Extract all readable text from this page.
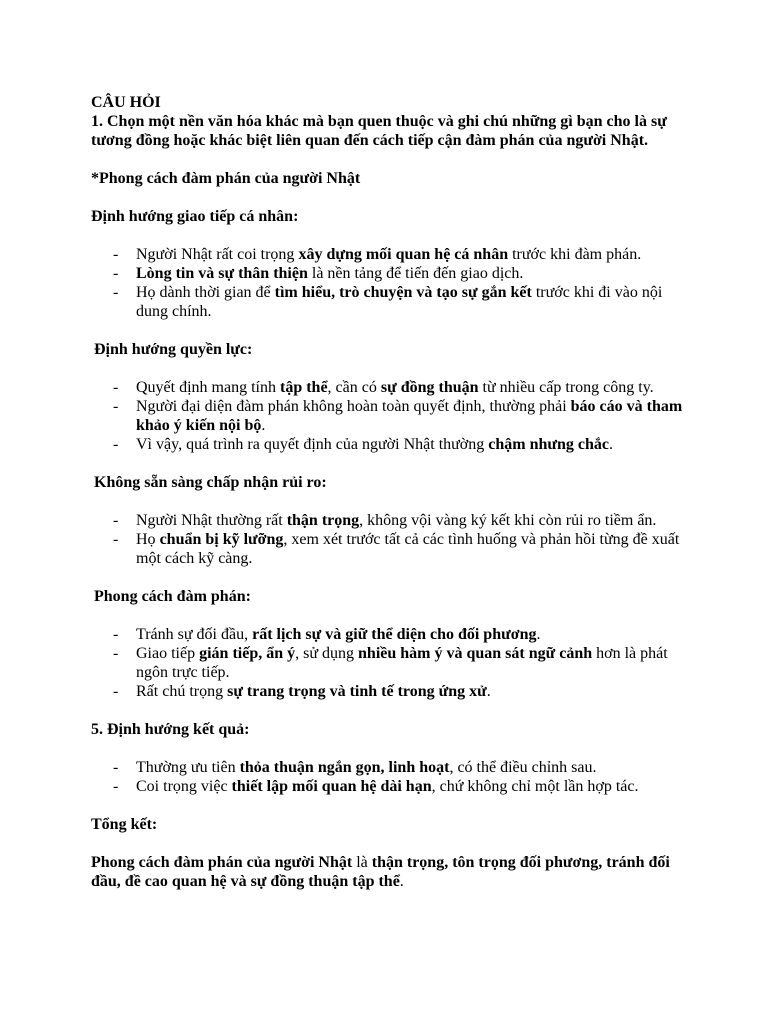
CÂU HỎI

1. Chọn một nền văn hóa khác mà bạn quen thuộc và ghi chú những gì bạn cho là sự tương đồng hoặc khác biệt liên quan đến cách tiếp cận đàm phán của người Nhật.

*Phong cách đàm phán của người Nhật

Định hướng giao tiếp cá nhân:

- Người Nhật rất coi trọng xây dựng mối quan hệ cá nhân trước khi đàm phán.
- Lòng tin và sự thân thiện là nền tảng để tiến đến giao dịch.
- Họ dành thời gian để tìm hiểu, trò chuyện và tạo sự gắn kết trước khi đi vào nội dung chính.

Định hướng quyền lực:

- Quyết định mang tính tập thể, cần có sự đồng thuận từ nhiều cấp trong công ty.
- Người đại diện đàm phán không hoàn toàn quyết định, thường phải báo cáo và tham khảo ý kiến nội bộ.
- Vì vậy, quá trình ra quyết định của người Nhật thường chậm nhưng chắc.

Không sẵn sàng chấp nhận rủi ro:

- Người Nhật thường rất thận trọng, không vội vàng ký kết khi còn rủi ro tiềm ẩn.
- Họ chuẩn bị kỹ lưỡng, xem xét trước tất cả các tình huống và phản hồi từng đề xuất một cách kỹ càng.

Phong cách đàm phán:

- Tránh sự đối đầu, rất lịch sự và giữ thể diện cho đối phương.
- Giao tiếp gián tiếp, ẩn ý, sử dụng nhiều hàm ý và quan sát ngữ cảnh hơn là phát ngôn trực tiếp.
- Rất chú trọng sự trang trọng và tinh tế trong ứng xử.

5. Định hướng kết quả:

- Thường ưu tiên thỏa thuận ngắn gọn, linh hoạt, có thể điều chỉnh sau.
- Coi trọng việc thiết lập mối quan hệ dài hạn, chứ không chỉ một lần hợp tác.

Tổng kết:

Phong cách đàm phán của người Nhật là thận trọng, tôn trọng đối phương, tránh đối đầu, đề cao quan hệ và sự đồng thuận tập thể.
